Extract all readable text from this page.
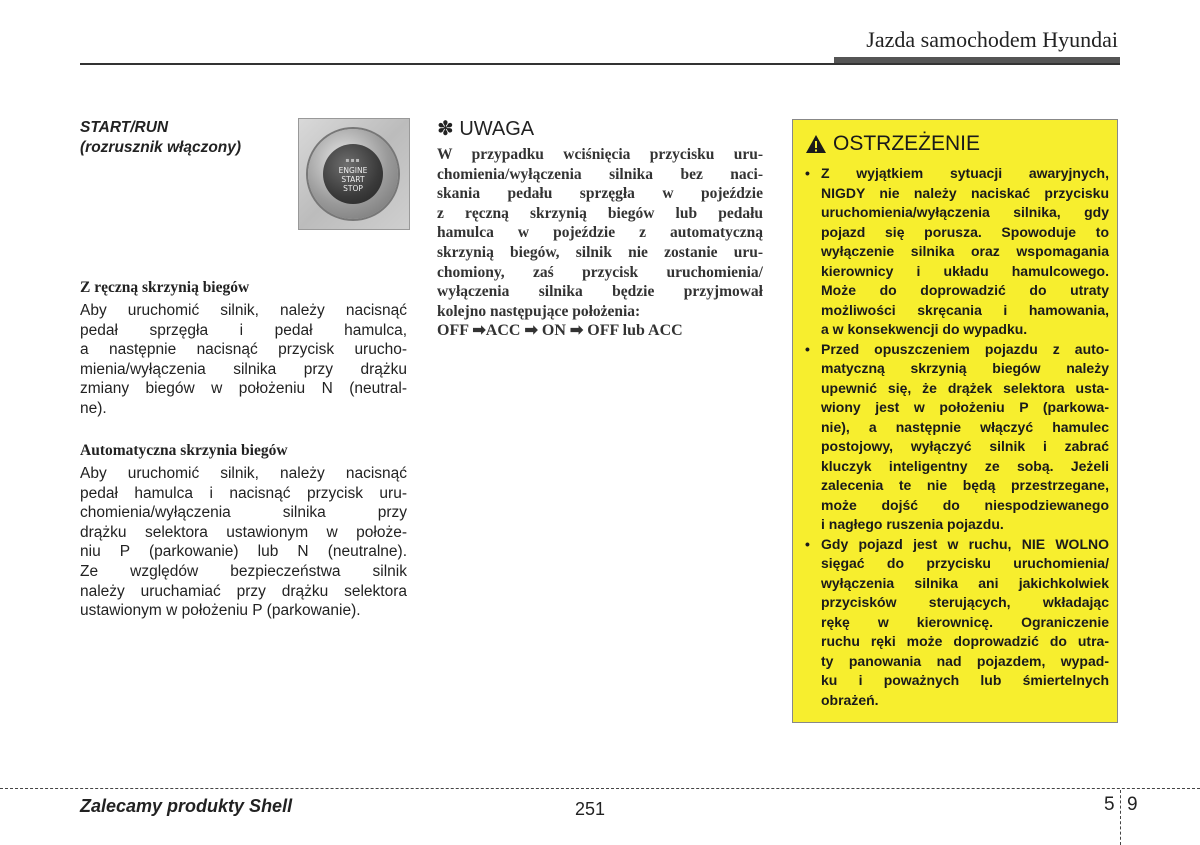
Jazda samochodem Hyundai
START/RUN
(rozrusznik włączony)
▪▪▪
ENGINE
START
STOP
Z ręczną skrzynią biegów
Aby uruchomić silnik, należy nacisnąć
pedał sprzęgła i pedał hamulca,
a następnie nacisnąć przycisk urucho-
mienia/wyłączenia silnika przy drążku
zmiany biegów w położeniu N (neutral-
ne).
Automatyczna skrzynia biegów
Aby uruchomić silnik, należy nacisnąć
pedał hamulca i nacisnąć przycisk uru-
chomienia/wyłączenia silnika przy
drążku selektora ustawionym w położe-
niu P (parkowanie) lub N (neutralne).
Ze względów bezpieczeństwa silnik
należy uruchamiać przy drążku selektora
ustawionym w położeniu P (parkowanie).
✽ UWAGA
W przypadku wciśnięcia przycisku uru-
chomienia/wyłączenia silnika bez naci-
skania pedału sprzęgła w pojeździe
z ręczną skrzynią biegów lub pedału
hamulca w pojeździe z automatyczną
skrzynią biegów, silnik nie zostanie uru-
chomiony, zaś przycisk uruchomienia/
wyłączenia silnika będzie przyjmował
kolejno następujące położenia:
OFF ➡ACC ➡ ON ➡ OFF lub ACC
OSTRZEŻENIE
• Z wyjątkiem sytuacji awaryjnych,
NIGDY nie należy naciskać przycisku
uruchomienia/wyłączenia silnika, gdy
pojazd się porusza. Spowoduje to
wyłączenie silnika oraz wspomagania
kierownicy i układu hamulcowego.
Może do doprowadzić do utraty
możliwości skręcania i hamowania,
a w konsekwencji do wypadku.
• Przed opuszczeniem pojazdu z auto-
matyczną skrzynią biegów należy
upewnić się, że drążek selektora usta-
wiony jest w położeniu P (parkowa-
nie), a następnie włączyć hamulec
postojowy, wyłączyć silnik i zabrać
kluczyk inteligentny ze sobą. Jeżeli
zalecenia te nie będą przestrzegane,
może dojść do niespodziewanego
i nagłego ruszenia pojazdu.
• Gdy pojazd jest w ruchu, NIE WOLNO
sięgać do przycisku uruchomienia/
wyłączenia silnika ani jakichkolwiek
przycisków sterujących, wkładając
rękę w kierownicę. Ograniczenie
ruchu ręki może doprowadzić do utra-
ty panowania nad pojazdem, wypad-
ku i poważnych lub śmiertelnych
obrażeń.
Zalecamy produkty Shell	251	5 9
